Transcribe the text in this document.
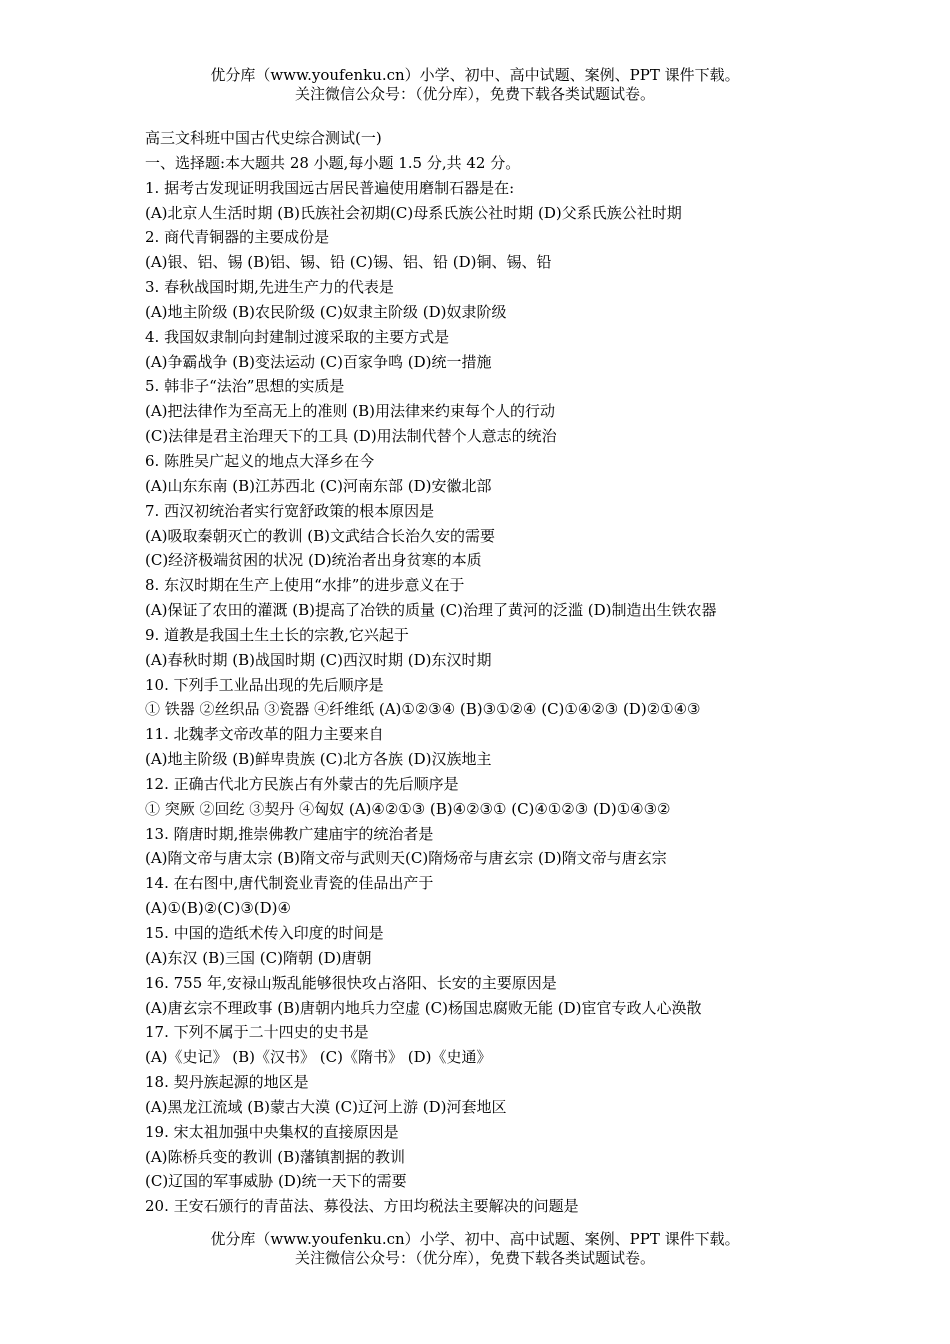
优分库（www.youfenku.cn）小学、初中、高中试题、案例、PPT 课件下载。
关注微信公众号：（优分库），免费下载各类试题试卷。
高三文科班中国古代史综合测试(一)
一、选择题:本大题共 28 小题,每小题 1.5 分,共 42 分。
1. 据考古发现证明我国远古居民普遍使用磨制石器是在:
(A)北京人生活时期 (B)氏族社会初期(C)母系氏族公社时期 (D)父系氏族公社时期
2. 商代青铜器的主要成份是
(A)银、铝、锡 (B)铝、锡、铅 (C)锡、铝、铅 (D)铜、锡、铅
3. 春秋战国时期,先进生产力的代表是
(A)地主阶级 (B)农民阶级 (C)奴隶主阶级 (D)奴隶阶级
4. 我国奴隶制向封建制过渡采取的主要方式是
(A)争霸战争 (B)变法运动 (C)百家争鸣 (D)统一措施
5. 韩非子“法治”思想的实质是
(A)把法律作为至高无上的准则 (B)用法律来约束每个人的行动
(C)法律是君主治理天下的工具 (D)用法制代替个人意志的统治
6. 陈胜吴广起义的地点大泽乡在今
(A)山东东南 (B)江苏西北 (C)河南东部 (D)安徽北部
7. 西汉初统治者实行宽舒政策的根本原因是
(A)吸取秦朝灭亡的教训 (B)文武结合长治久安的需要
(C)经济极端贫困的状况 (D)统治者出身贫寒的本质
8. 东汉时期在生产上使用“水排”的进步意义在于
(A)保证了农田的灌溉 (B)提高了冶铁的质量 (C)治理了黄河的泛滥 (D)制造出生铁农器
9. 道教是我国土生土长的宗教,它兴起于
(A)春秋时期 (B)战国时期 (C)西汉时期 (D)东汉时期
10. 下列手工业品出现的先后顺序是
① 铁器 ②丝织品 ③瓷器 ④纤维纸 (A)①②③④ (B)③①②④ (C)①④②③ (D)②①④③
11. 北魏孝文帝改革的阻力主要来自
(A)地主阶级 (B)鲜卑贵族 (C)北方各族 (D)汉族地主
12. 正确古代北方民族占有外蒙古的先后顺序是
① 突厥 ②回纥 ③契丹 ④匈奴 (A)④②①③ (B)④②③① (C)④①②③ (D)①④③②
13. 隋唐时期,推崇佛教广建庙宇的统治者是
(A)隋文帝与唐太宗 (B)隋文帝与武则天(C)隋炀帝与唐玄宗 (D)隋文帝与唐玄宗
14. 在右图中,唐代制瓷业青瓷的佳品出产于
(A)①(B)②(C)③(D)④
15. 中国的造纸术传入印度的时间是
(A)东汉 (B)三国 (C)隋朝 (D)唐朝
16. 755 年,安禄山叛乱能够很快攻占洛阳、长安的主要原因是
(A)唐玄宗不理政事 (B)唐朝内地兵力空虚 (C)杨国忠腐败无能 (D)宦官专政人心涣散
17. 下列不属于二十四史的史书是
(A)《史记》 (B)《汉书》 (C)《隋书》 (D)《史通》
18. 契丹族起源的地区是
(A)黑龙江流域 (B)蒙古大漠 (C)辽河上游 (D)河套地区
19. 宋太祖加强中央集权的直接原因是
(A)陈桥兵变的教训 (B)藩镇割据的教训
(C)辽国的军事威胁 (D)统一天下的需要
20. 王安石颁行的青苗法、募役法、方田均税法主要解决的问题是
优分库（www.youfenku.cn）小学、初中、高中试题、案例、PPT 课件下载。
关注微信公众号：（优分库），免费下载各类试题试卷。
